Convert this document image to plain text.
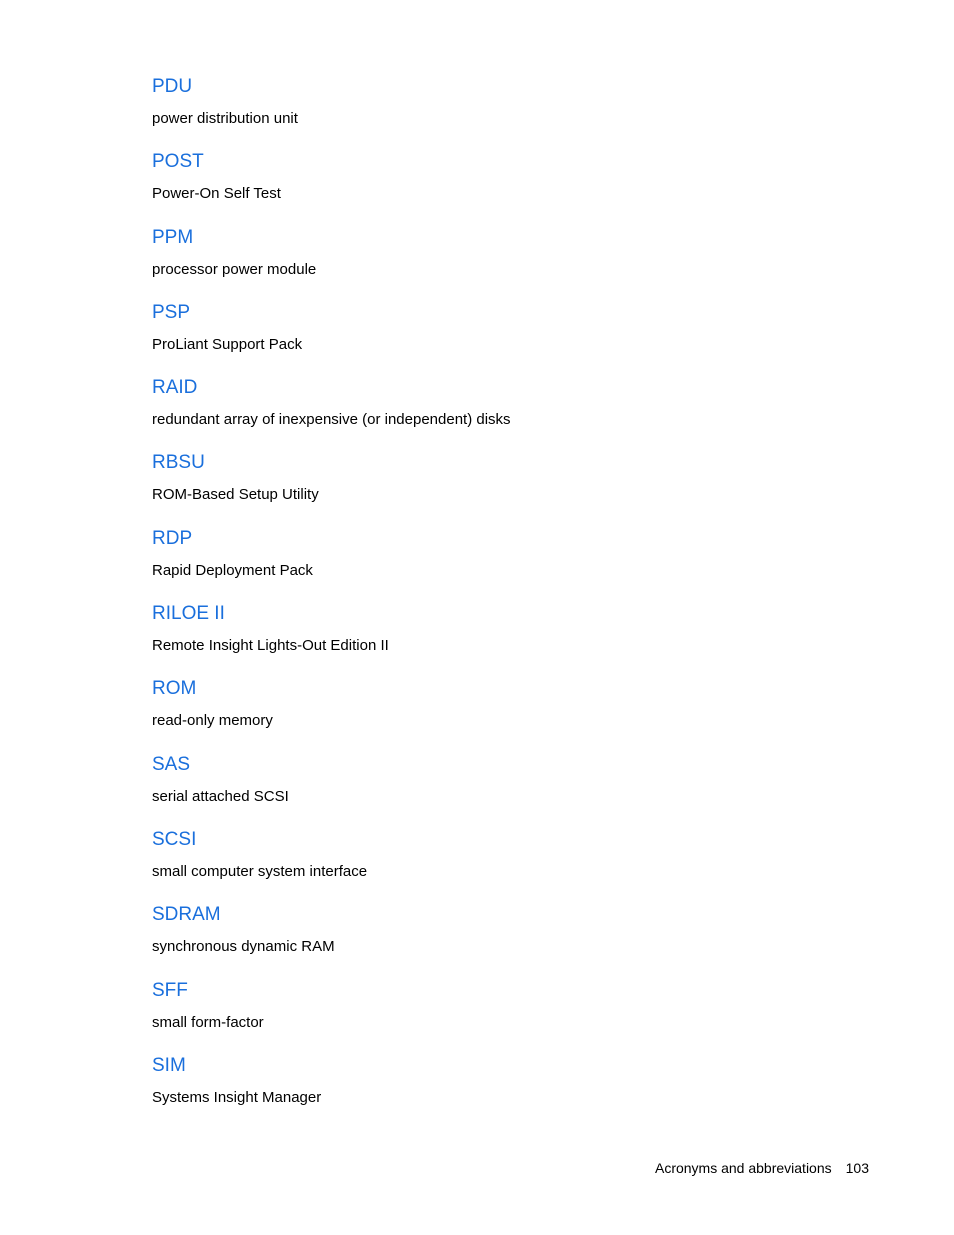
PDU
power distribution unit
POST
Power-On Self Test
PPM
processor power module
PSP
ProLiant Support Pack
RAID
redundant array of inexpensive (or independent) disks
RBSU
ROM-Based Setup Utility
RDP
Rapid Deployment Pack
RILOE II
Remote Insight Lights-Out Edition II
ROM
read-only memory
SAS
serial attached SCSI
SCSI
small computer system interface
SDRAM
synchronous dynamic RAM
SFF
small form-factor
SIM
Systems Insight Manager
Acronyms and abbreviations 103
